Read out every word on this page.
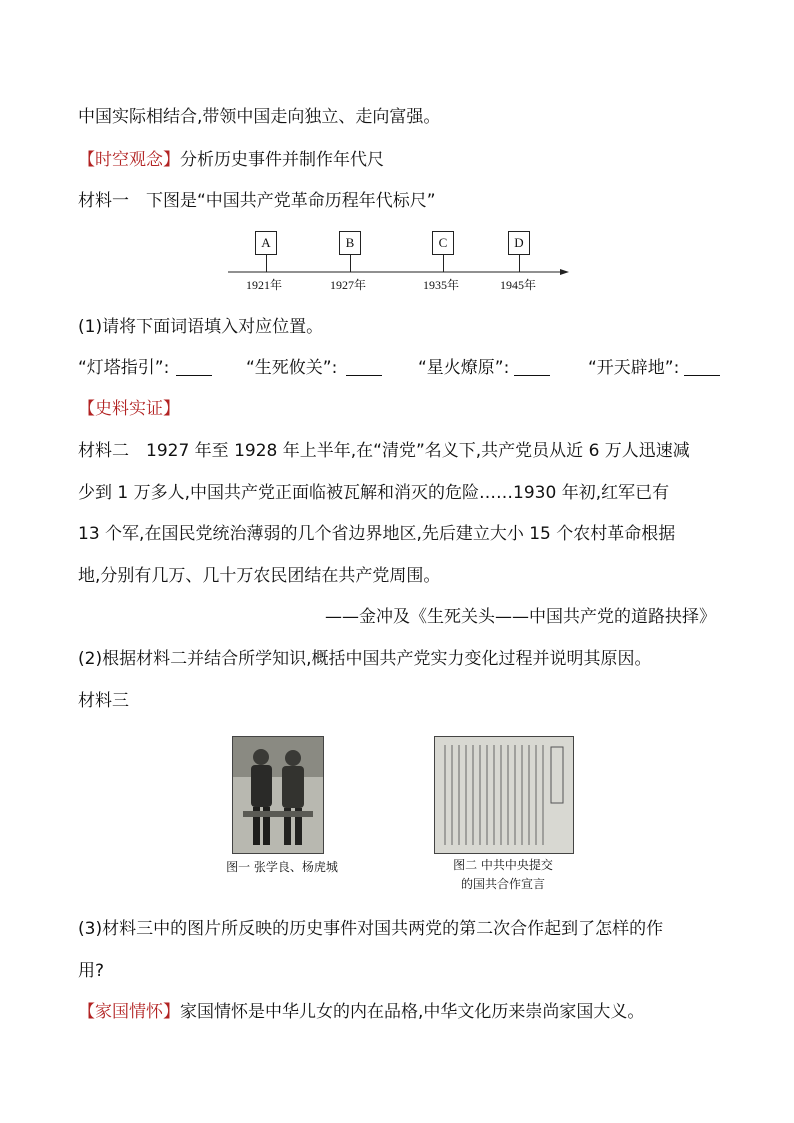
中国实际相结合,带领中国走向独立、走向富强。
【时空观念】分析历史事件并制作年代尺
材料一　下图是“中国共产党革命历程年代标尺”
A	B	C	D
1921年	1927年	1935年	1945年
(1)请将下面词语填入对应位置。
“灯塔指引”:	“生死攸关”:	“星火燎原”:	“开天辟地”:
【史料实证】
材料二　1927 年至 1928 年上半年,在“清党”名义下,共产党员从近 6 万人迅速减
少到 1 万多人,中国共产党正面临被瓦解和消灭的危险……1930 年初,红军已有
13 个军,在国民党统治薄弱的几个省边界地区,先后建立大小 15 个农村革命根据
地,分别有几万、几十万农民团结在共产党周围。
——金冲及《生死关头——中国共产党的道路抉择》
(2)根据材料二并结合所学知识,概括中国共产党实力变化过程并说明其原因。
材料三
图一 张学良、杨虎城	图二 中共中央提交
的国共合作宣言
(3)材料三中的图片所反映的历史事件对国共两党的第二次合作起到了怎样的作
用?
【家国情怀】家国情怀是中华儿女的内在品格,中华文化历来崇尚家国大义。
